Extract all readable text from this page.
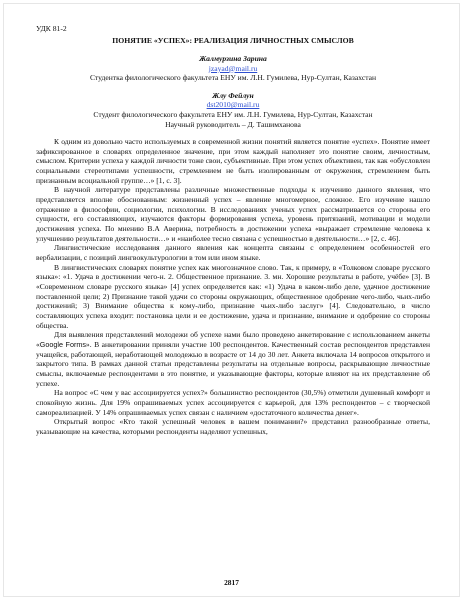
УДК 81-2
ПОНЯТИЕ «УСПЕХ»: РЕАЛИЗАЦИЯ ЛИЧНОСТНЫХ СМЫСЛОВ
Жалмурзина Зарина
jzayad@mail.ru
Студентка филологического факультета ЕНУ им. Л.Н. Гумилева, Нур-Султан, Казахстан
Жлу Фейлун
dst2010@mail.ru
Студент филологического факультета ЕНУ им. Л.Н. Гумилева, Нур-Султан, Казахстан
Научный руководитель – Д. Ташимханова

К одним из довольно часто используемых в современной жизни понятий является понятие «успех». Понятие имеет зафиксированное в словарях определенное значение, при этом каждый наполняет это понятие своим, личностным, смыслом. Критерии успеха у каждой личности тоже свои, субъективные. При этом успех объективен, так как «обусловлен социальными стереотипами успешности, стремлением не быть изолированным от окружения, стремлением быть признанным всоциальной группе…» [1, с. 3].

В научной литературе представлены различные множественные подходы к изучению данного явления, что представляется вполне обоснованным: жизненный успех – явление многомерное, сложное. Его изучение нашло отражение в философии, социологии, психологии. В исследованиях ученых успех рассматривается со стороны его сущности, его составляющих, изучаются факторы формирования успеха, уровень притязаний, мотивации и модели достижения успеха. По мнению В.А Аверина, потребность в достижении успеха «выражает стремление человека к улучшению результатов деятельности…» и «наиболее тесно связана с успешностью в деятельности…» [2, с. 46].

Лингвистические исследования данного явления как концепта связаны с определением особенностей его вербализации, с позиций лингвокультурологии в том или ином языке.

В лингвистических словарях понятие успех как многозначное слово. Так, к примеру, в «Толковом словаре русского языка»: «1. Удача в достижении чего-н. 2. Общественное признание. 3. мн. Хорошие результаты в работе, учёбе» [3]. В «Современном словаре русского языка» [4] успех определяется как: «1) Удача в каком-либо деле, удачное достижение поставленной цели; 2) Признание такой удачи со стороны окружающих, общественное одобрение чего-либо, чьих-либо достижений; 3) Внимание общества к кому-либо, признание чьих-либо заслуг» [4]. Следовательно, в число составляющих успеха входит: постановка цели и ее достижение, удача и признание, внимание и одобрение со стороны общества.

Для выявления представлений молодежи об успехе нами было проведено анкетирование с использованием анкеты «Google Forms». В анкетировании приняли участие 100 респондентов. Качественный состав респондентов представлен учащейся, работающей, неработающей молодежью в возрасте от 14 до 30 лет. Анкета включала 14 вопросов открытого и закрытого типа. В рамках данной статьи представлены результаты на отдельные вопросы, раскрывающие личностные смыслы, включаемые респондентами в это понятие, и указывающие факторы, которые влияют на их представление об успехе.

На вопрос «С чем у вас ассоциируется успех?» большинство респондентов (30,5%) отметили душевный комфорт и спокойную жизнь. Для 19% опрашиваемых успех ассоциируется с карьерой, для 13% респондентов – с творческой самореализацией. У 14% опрашиваемых успех связан с наличием «достаточного количества денег».

Открытый вопрос «Кто такой успешный человек в вашем понимании?» представил разнообразные ответы, указывающие на качества, которыми респонденты наделяют успешных,

2817
